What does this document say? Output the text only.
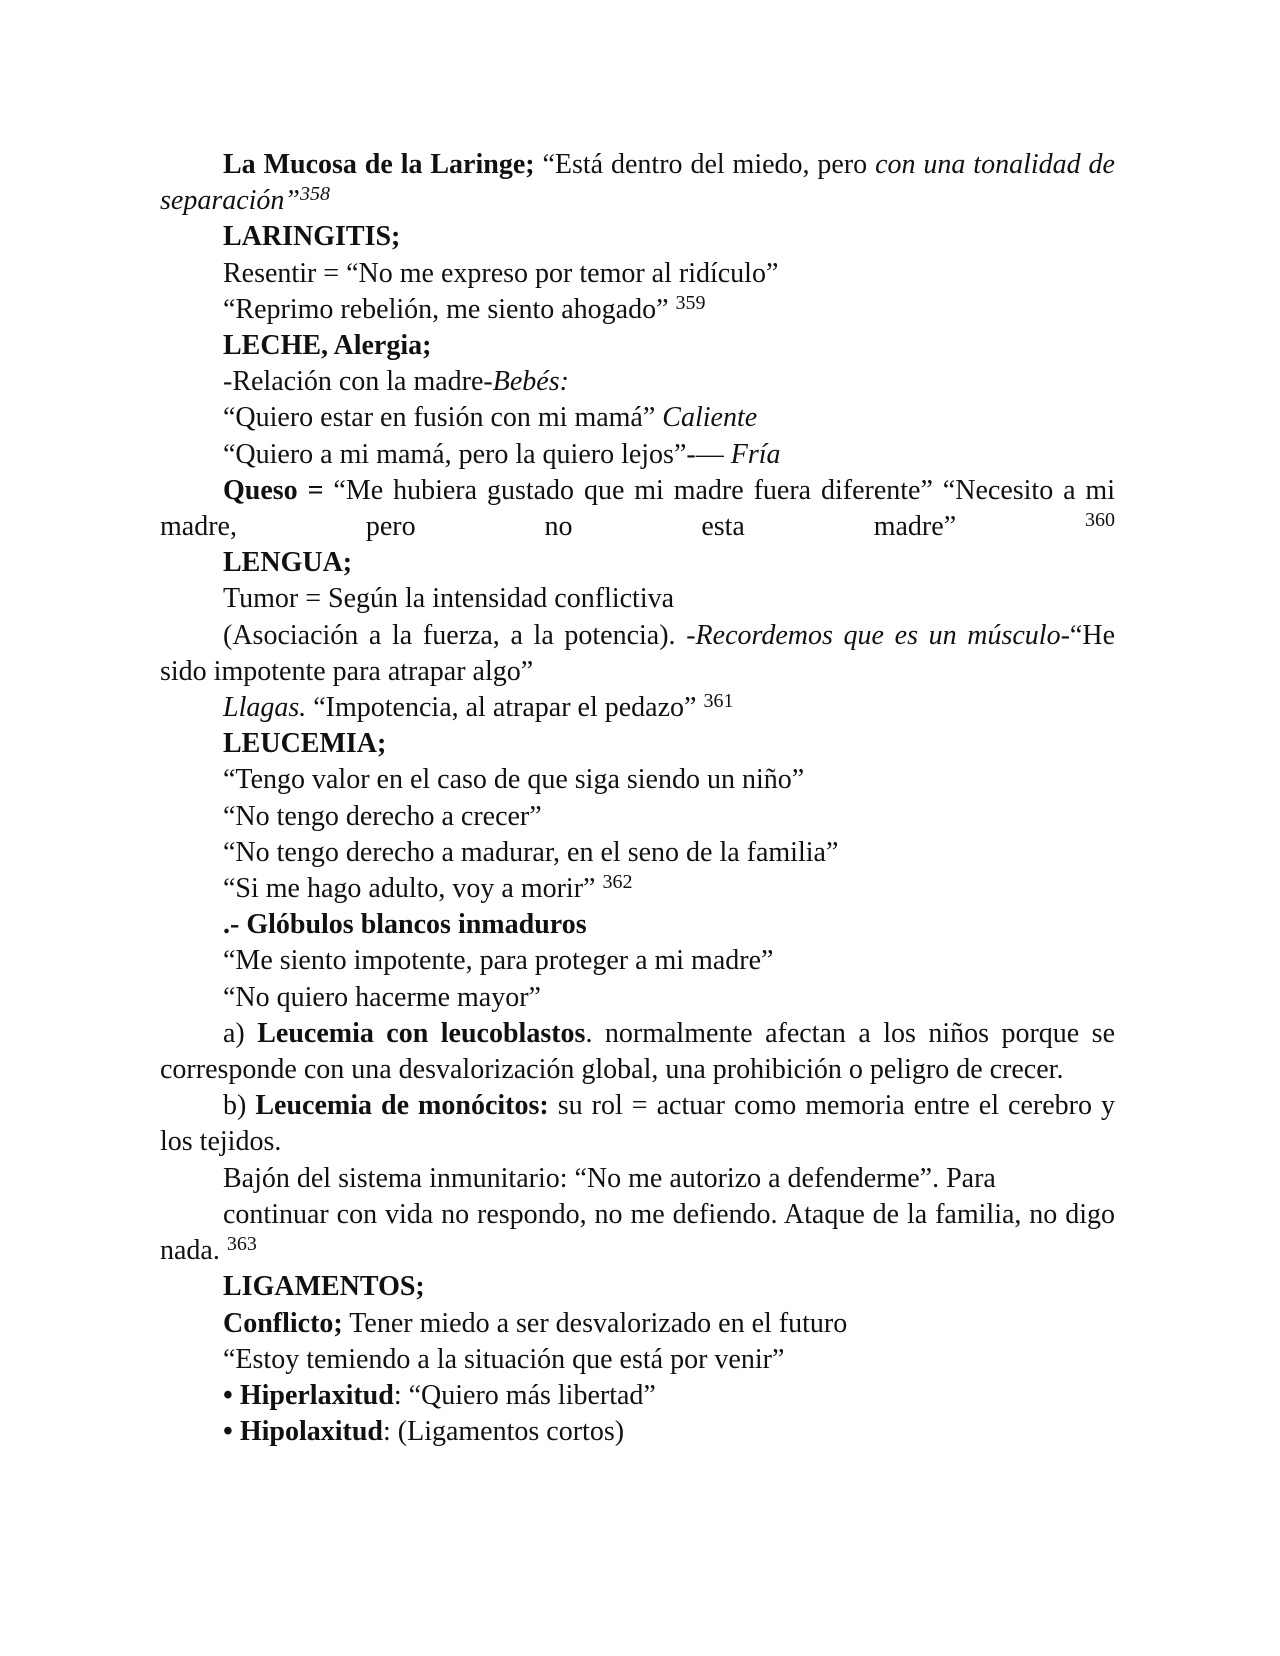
La Mucosa de la Laringe; “Está dentro del miedo, pero con una tonalidad de separación”$^{358}$

LARINGITIS;

Resentir = “No me expreso por temor al ridículo”

“Reprimo rebelión, me siento ahogado” $^{359}$

LECHE, Alergia;

-Relación con la madre-Bebés:

“Quiero estar en fusión con mi mamá” Caliente

“Quiero a mi mamá, pero la quiero lejos”-— Fría

Queso = “Me hubiera gustado que mi madre fuera diferente” “Necesito a mi madre, pero no esta madre” $^{360}$

LENGUA;

Tumor = Según la intensidad conflictiva

(Asociación a la fuerza, a la potencia). -Recordemos que es un músculo-“He sido impotente para atrapar algo”

Llagas. “Impotencia, al atrapar el pedazo” $^{361}$

LEUCEMIA;

“Tengo valor en el caso de que siga siendo un niño”

“No tengo derecho a crecer”

“No tengo derecho a madurar, en el seno de la familia”

“Si me hago adulto, voy a morir” $^{362}$

.- Glóbulos blancos inmaduros

“Me siento impotente, para proteger a mi madre”

“No quiero hacerme mayor”

a) Leucemia con leucoblastos. normalmente afectan a los niños porque se corresponde con una desvalorización global, una prohibición o peligro de crecer.

b) Leucemia de monócitos: su rol = actuar como memoria entre el cerebro y los tejidos.

Bajón del sistema inmunitario: “No me autorizo a defenderme”. Para

continuar con vida no respondo, no me defiendo. Ataque de la familia, no digo nada. $^{363}$

LIGAMENTOS;

Conflicto; Tener miedo a ser desvalorizado en el futuro

“Estoy temiendo a la situación que está por venir”

• Hiperlaxitud: “Quiero más libertad”

• Hipolaxitud: (Ligamentos cortos)
